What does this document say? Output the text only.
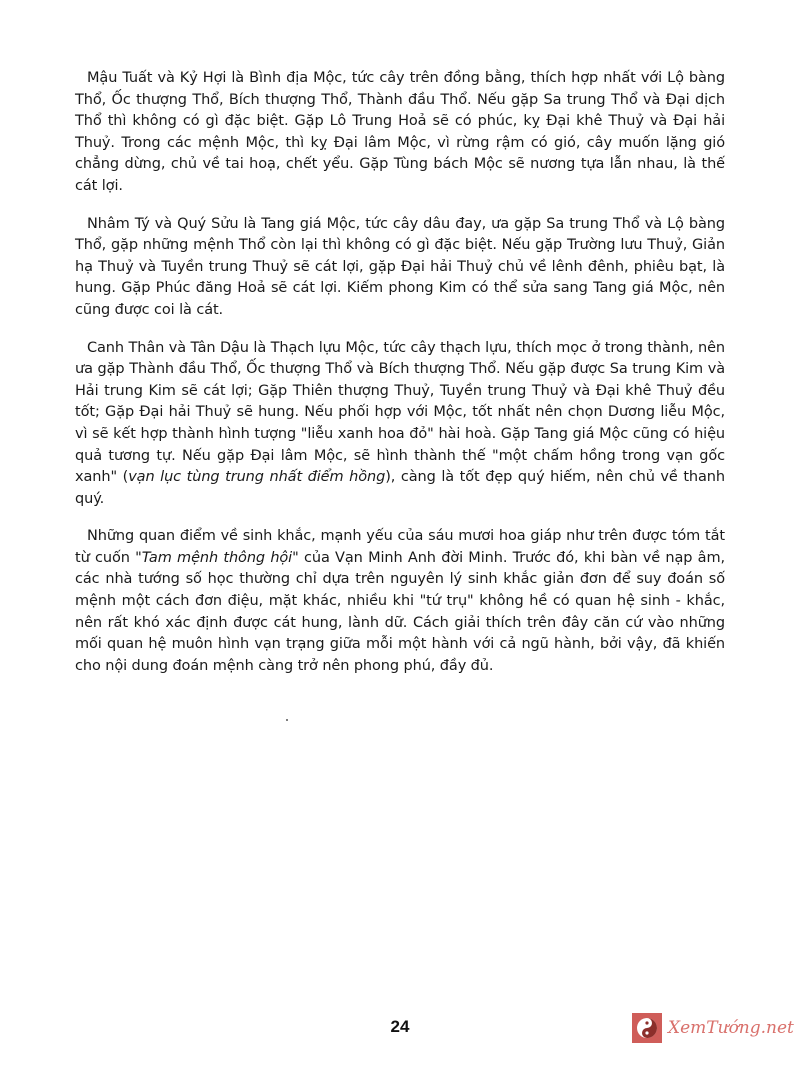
Mậu Tuất và Kỷ Hợi là Bình địa Mộc, tức cây trên đồng bằng, thích hợp nhất với Lộ bàng Thổ, Ốc thượng Thổ, Bích thượng Thổ, Thành đầu Thổ. Nếu gặp Sa trung Thổ và Đại dịch Thổ thì không có gì đặc biệt. Gặp Lô Trung Hoả sẽ có phúc, kỵ Đại khê Thuỷ và Đại hải Thuỷ. Trong các mệnh Mộc, thì kỵ Đại lâm Mộc, vì rừng rậm có gió, cây muốn lặng gió chẳng dừng, chủ về tai hoạ, chết yểu. Gặp Tùng bách Mộc sẽ nương tựa lẫn nhau, là thế cát lợi.

Nhâm Tý và Quý Sửu là Tang giá Mộc, tức cây dâu đay, ưa gặp Sa trung Thổ và Lộ bàng Thổ, gặp những mệnh Thổ còn lại thì không có gì đặc biệt. Nếu gặp Trường lưu Thuỷ, Giản hạ Thuỷ và Tuyền trung Thuỷ sẽ cát lợi, gặp Đại hải Thuỷ chủ về lênh đênh, phiêu bạt, là hung. Gặp Phúc đăng Hoả sẽ cát lợi. Kiếm phong Kim có thể sửa sang Tang giá Mộc, nên cũng được coi là cát.

Canh Thân và Tân Dậu là Thạch lựu Mộc, tức cây thạch lựu, thích mọc ở trong thành, nên ưa gặp Thành đầu Thổ, Ốc thượng Thổ và Bích thượng Thổ. Nếu gặp được Sa trung Kim và Hải trung Kim sẽ cát lợi; Gặp Thiên thượng Thuỷ, Tuyền trung Thuỷ và Đại khê Thuỷ đều tốt; Gặp Đại hải Thuỷ sẽ hung. Nếu phối hợp với Mộc, tốt nhất nên chọn Dương liễu Mộc, vì sẽ kết hợp thành hình tượng "liễu xanh hoa đỏ" hài hoà. Gặp Tang giá Mộc cũng có hiệu quả tương tự. Nếu gặp Đại lâm Mộc, sẽ hình thành thế "một chấm hồng trong vạn gốc xanh" (vạn lục tùng trung nhất điểm hồng), càng là tốt đẹp quý hiếm, nên chủ về thanh quý.

Những quan điểm về sinh khắc, mạnh yếu của sáu mươi hoa giáp như trên được tóm tắt từ cuốn "Tam mệnh thông hội" của Vạn Minh Anh đời Minh. Trước đó, khi bàn về nạp âm, các nhà tướng số học thường chỉ dựa trên nguyên lý sinh khắc giản đơn để suy đoán số mệnh một cách đơn điệu, mặt khác, nhiều khi "tứ trụ" không hề có quan hệ sinh - khắc, nên rất khó xác định được cát hung, lành dữ. Cách giải thích trên đây căn cứ vào những mối quan hệ muôn hình vạn trạng giữa mỗi một hành với cả ngũ hành, bởi vậy, đã khiến cho nội dung đoán mệnh càng trở nên phong phú, đầy đủ.

24	XemTướng.net
